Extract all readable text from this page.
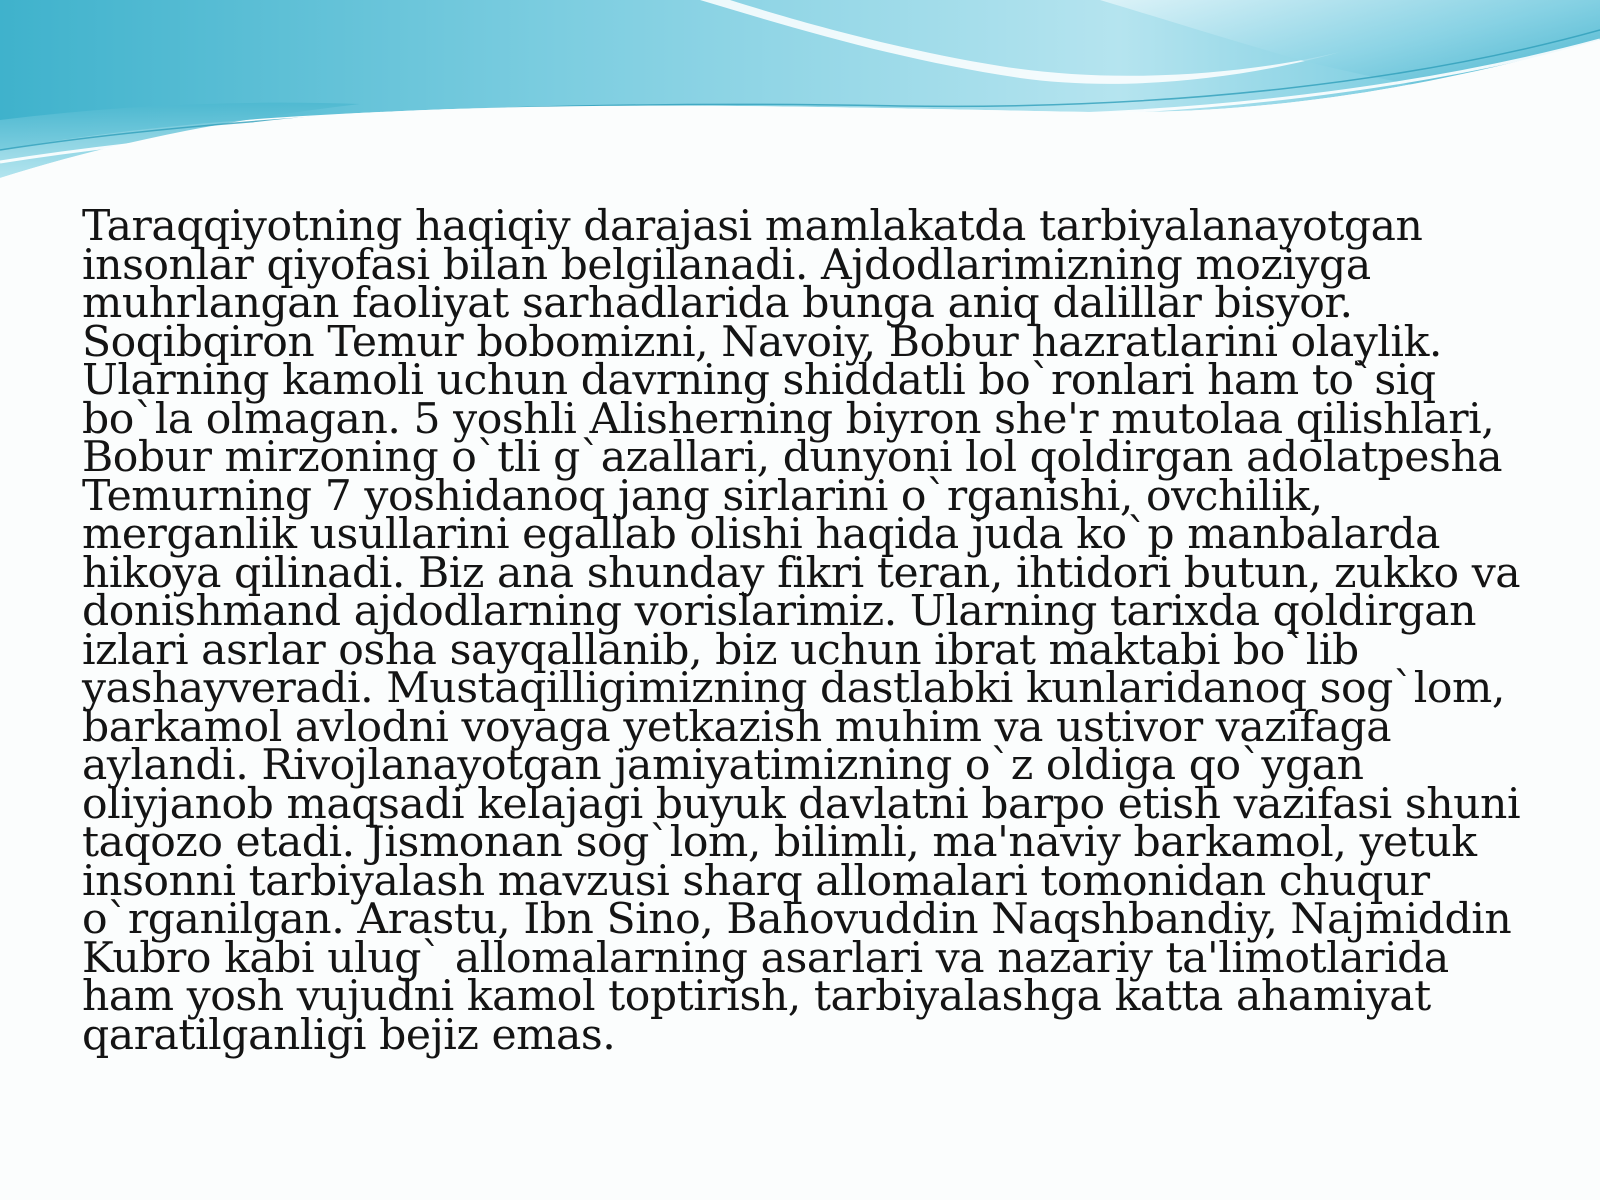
Taraqqiyotning haqiqiy darajasi mamlakatda tarbiyalanayotgan
insonlar qiyofasi bilan belgilanadi. Ajdodlarimizning moziyga
muhrlangan faoliyat sarhadlarida bunga aniq dalillar bisyor.
Soqibqiron Temur bobomizni, Navoiy, Bobur hazratlarini olaylik.
Ularning kamoli uchun davrning shiddatli bo`ronlari ham to`siq
bo`la olmagan. 5 yoshli Alisherning biyron she'r mutolaa qilishlari,
Bobur mirzoning o`tli g`azallari, dunyoni lol qoldirgan adolatpesha
Temurning 7 yoshidanoq jang sirlarini o`rganishi, ovchilik,
merganlik usullarini egallab olishi haqida juda ko`p manbalarda
hikoya qilinadi. Biz ana shunday fikri teran, ihtidori butun, zukko va
donishmand ajdodlarning vorislarimiz. Ularning tarixda qoldirgan
izlari asrlar osha sayqallanib, biz uchun ibrat maktabi bo`lib
yashayveradi. Mustaqilligimizning dastlabki kunlaridanoq sog`lom,
barkamol avlodni voyaga yetkazish muhim va ustivor vazifaga
aylandi. Rivojlanayotgan jamiyatimizning o`z oldiga qo`ygan
oliyjanob maqsadi kelajagi buyuk davlatni barpo etish vazifasi shuni
taqozo etadi. Jismonan sog`lom, bilimli, ma'naviy barkamol, yetuk
insonni tarbiyalash mavzusi sharq allomalari tomonidan chuqur
o`rganilgan. Arastu, Ibn Sino, Bahovuddin Naqshbandiy, Najmiddin
Kubro kabi ulug` allomalarning asarlari va nazariy ta'limotlarida
ham yosh vujudni kamol toptirish, tarbiyalashga katta ahamiyat
qaratilganligi bejiz emas.
